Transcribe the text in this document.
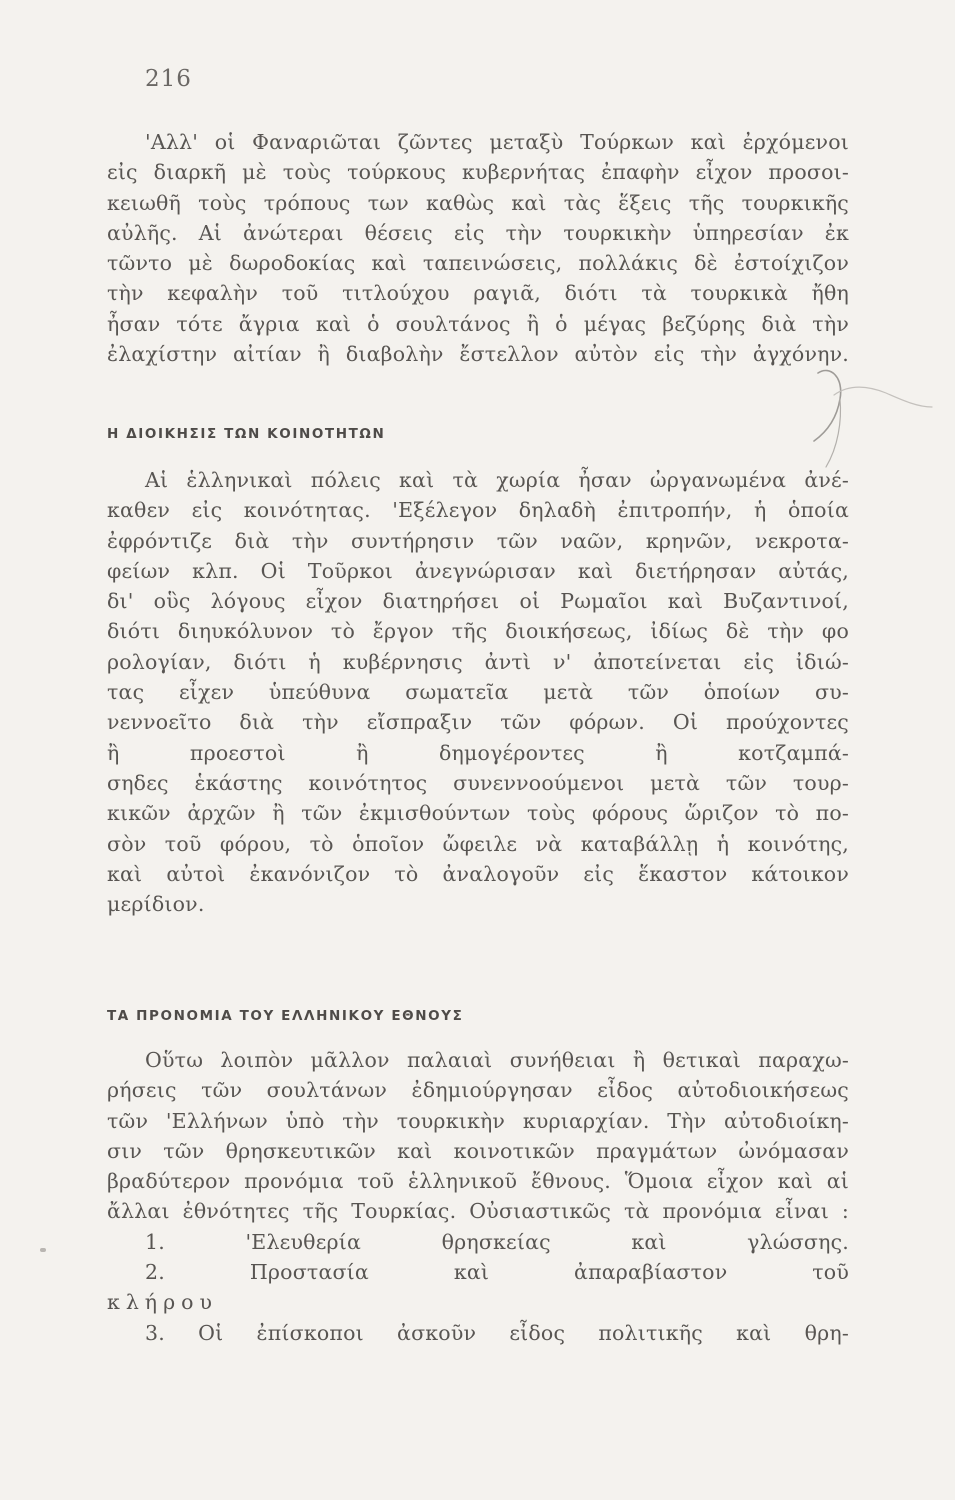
216
'Αλλ' οἱ Φαναριῶται ζῶντες μεταξὺ Τούρκων καὶ ἐρχόμενοι
εἰς διαρκῆ μὲ τοὺς τούρκους κυβερνήτας ἐπαφὴν εἶχον προσοι-
κειωθῆ τοὺς τρόπους των καθὼς καὶ τὰς ἕξεις τῆς τουρκικῆς
αὐλῆς. Αἱ ἀνώτεραι θέσεις εἰς τὴν τουρκικὴν ὑπηρεσίαν ἐκ
τῶντο μὲ δωροδοκίας καὶ ταπεινώσεις, πολλάκις δὲ ἐστοίχιζον
τὴν κεφαλὴν τοῦ τιτλούχου ραγιᾶ, διότι τὰ τουρκικὰ ἤθη
ἦσαν τότε ἄγρια καὶ ὁ σουλτάνος ἢ ὁ μέγας βεζύρης διὰ τὴν
ἐλαχίστην αἰτίαν ἢ διαβολὴν ἔστελλον αὐτὸν εἰς τὴν ἀγχόνην.
Η ΔΙΟΙΚΗΣΙΣ ΤΩΝ ΚΟΙΝΟΤΗΤΩΝ
Αἱ ἑλληνικαὶ πόλεις καὶ τὰ χωρία ἦσαν ὠργανωμένα ἀνέ-
καθεν εἰς κοινότητας. 'Εξέλεγον δηλαδὴ ἐπιτροπήν, ἡ ὁποία
ἐφρόντιζε διὰ τὴν συντήρησιν τῶν ναῶν, κρηνῶν, νεκροτα-
φείων κλπ. Οἱ Τοῦρκοι ἀνεγνώρισαν καὶ διετήρησαν αὐτάς,
δι' οὓς λόγους εἶχον διατηρήσει οἱ Ρωμαῖοι καὶ Βυζαντινοί,
διότι διηυκόλυνον τὸ ἔργον τῆς διοικήσεως, ἰδίως δὲ τὴν φο
ρολογίαν, διότι ἡ κυβέρνησις ἀντὶ ν' ἀποτείνεται εἰς ἰδιώ-
τας εἶχεν ὑπεύθυνα σωματεῖα μετὰ τῶν ὁποίων συ-
νεννοεῖτο διὰ τὴν εἴσπραξιν τῶν φόρων. Οἱ προύχοντες
ἢ προεστοὶ ἢ δημογέροντες ἢ κοτζαμπά-
σηδες ἑκάστης κοινότητος συνεννοούμενοι μετὰ τῶν τουρ-
κικῶν ἀρχῶν ἢ τῶν ἐκμισθούντων τοὺς φόρους ὥριζον τὸ πο-
σὸν τοῦ φόρου, τὸ ὁποῖον ὤφειλε νὰ καταβάλλῃ ἡ κοινότης,
καὶ αὐτοὶ ἐκανόνιζον τὸ ἀναλογοῦν εἰς ἕκαστον κάτοικον
μερίδιον.
ΤΑ ΠΡΟΝΟΜΙΑ ΤΟΥ ΕΛΛΗΝΙΚΟΥ ΕΘΝΟΥΣ
Οὕτω λοιπὸν μᾶλλον παλαιαὶ συνήθειαι ἢ θετικαὶ παραχω-
ρήσεις τῶν σουλτάνων ἐδημιούργησαν εἶδος αὐτοδιοικήσεως
τῶν 'Ελλήνων ὑπὸ τὴν τουρκικὴν κυριαρχίαν. Τὴν αὐτοδιοίκη-
σιν τῶν θρησκευτικῶν καὶ κοινοτικῶν πραγμάτων ὠνόμασαν
βραδύτερον προνόμια τοῦ ἑλληνικοῦ ἔθνους. Ὅμοια εἶχον καὶ αἱ
ἄλλαι ἐθνότητες τῆς Τουρκίας. Οὐσιαστικῶς τὰ προνόμια εἶναι :
1. 'Ελευθερία θρησκείας καὶ γλώσσης.
2. Προστασία καὶ ἀπαραβίαστον τοῦ
κλήρου
3. Οἱ ἐπίσκοποι ἀσκοῦν εἶδος πολιτικῆς καὶ θρη-
